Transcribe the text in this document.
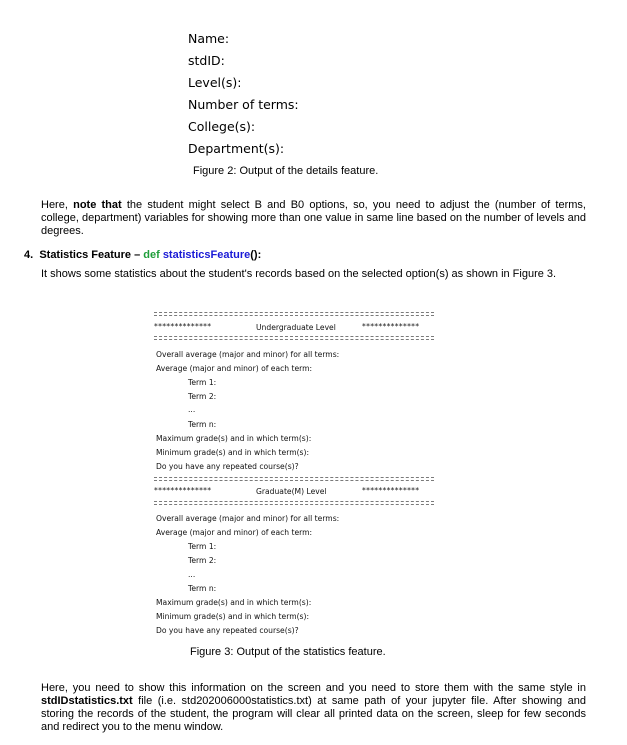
Name:
stdID:
Level(s):
Number of terms:
College(s):
Department(s):
Figure 2: Output of the details feature.
Here, note that the student might select B and B0 options, so, you need to adjust the (number of terms, college, department) variables for showing more than one value in same line based on the number of levels and degrees.
4. Statistics Feature – def statisticsFeature():
It shows some statistics about the student's records based on the selected option(s) as shown in Figure 3.
**************	Undergraduate Level	**************
Overall average (major and minor) for all terms:
Average (major and minor) of each term:
Term 1:
Term 2:
...
Term n:
Maximum grade(s) and in which term(s):
Minimum grade(s) and in which term(s):
Do you have any repeated course(s)?
**************	Graduate(M) Level	**************
Overall average (major and minor) for all terms:
Average (major and minor) of each term:
Term 1:
Term 2:
...
Term n:
Maximum grade(s) and in which term(s):
Minimum grade(s) and in which term(s):
Do you have any repeated course(s)?
Figure 3: Output of the statistics feature.
Here, you need to show this information on the screen and you need to store them with the same style in stdIDstatistics.txt file (i.e. std202006000statistics.txt) at same path of your jupyter file. After showing and storing the records of the student, the program will clear all printed data on the screen, sleep for few seconds and redirect you to the menu window.
